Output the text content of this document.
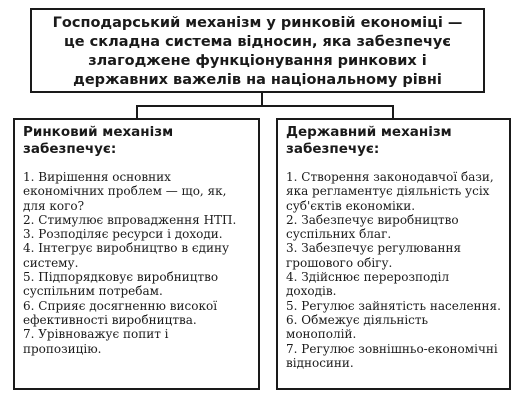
Господарський механізм у ринковій економіці — це складна система відносин, яка забезпечує злагоджене функціонування ринкових і державних важелів на національному рівні
Ринковий механізм забезпечує:
1. Вирішення основних економічних проблем — що, як, для кого?
2. Стимулює впровадження НТП.
3. Розподіляє ресурси і доходи.
4. Інтегрує виробництво в єдину систему.
5. Підпорядковує виробництво суспільним потребам.
6. Сприяє досягненню високої ефективності виробництва.
7. Урівноважує попит і пропозицію.
Державний механізм забезпечує:
1. Створення законодавчої бази, яка регламентує діяльність усіх суб'єктів економіки.
2. Забезпечує виробництво суспільних благ.
3. Забезпечує регулювання грошового обігу.
4. Здійснює перерозподіл доходів.
5. Регулює зайнятість населення.
6. Обмежує діяльність монополій.
7. Регулює зовнішньо-економічні відносини.
